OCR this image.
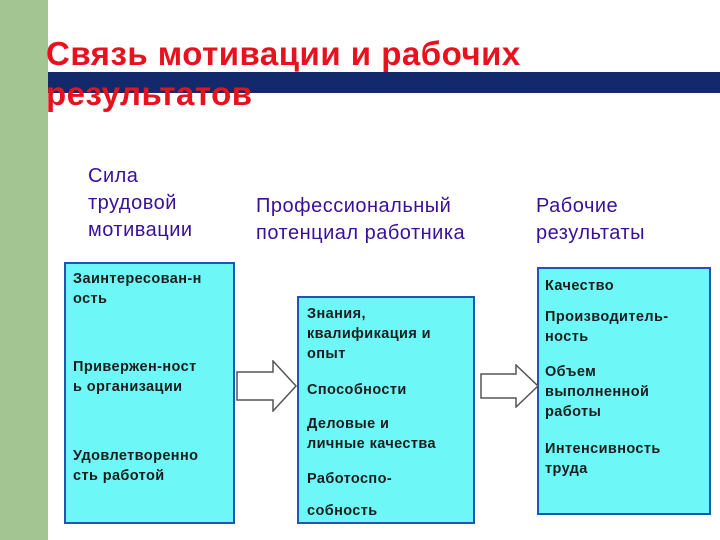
Связь мотивации и рабочих результатов
Сила
трудовой
мотивации
Профессиональный
потенциал работника
Рабочие
результаты
Заинтересован-н
ость
Привержен-ност
ь организации
Удовлетворенно
сть работой
Знания,
квалификация и
опыт
Способности
Деловые и
личные качества
Работоспо-
собность
Качество
Производитель-
ность
Объем
выполненной
работы
Интенсивность
труда
